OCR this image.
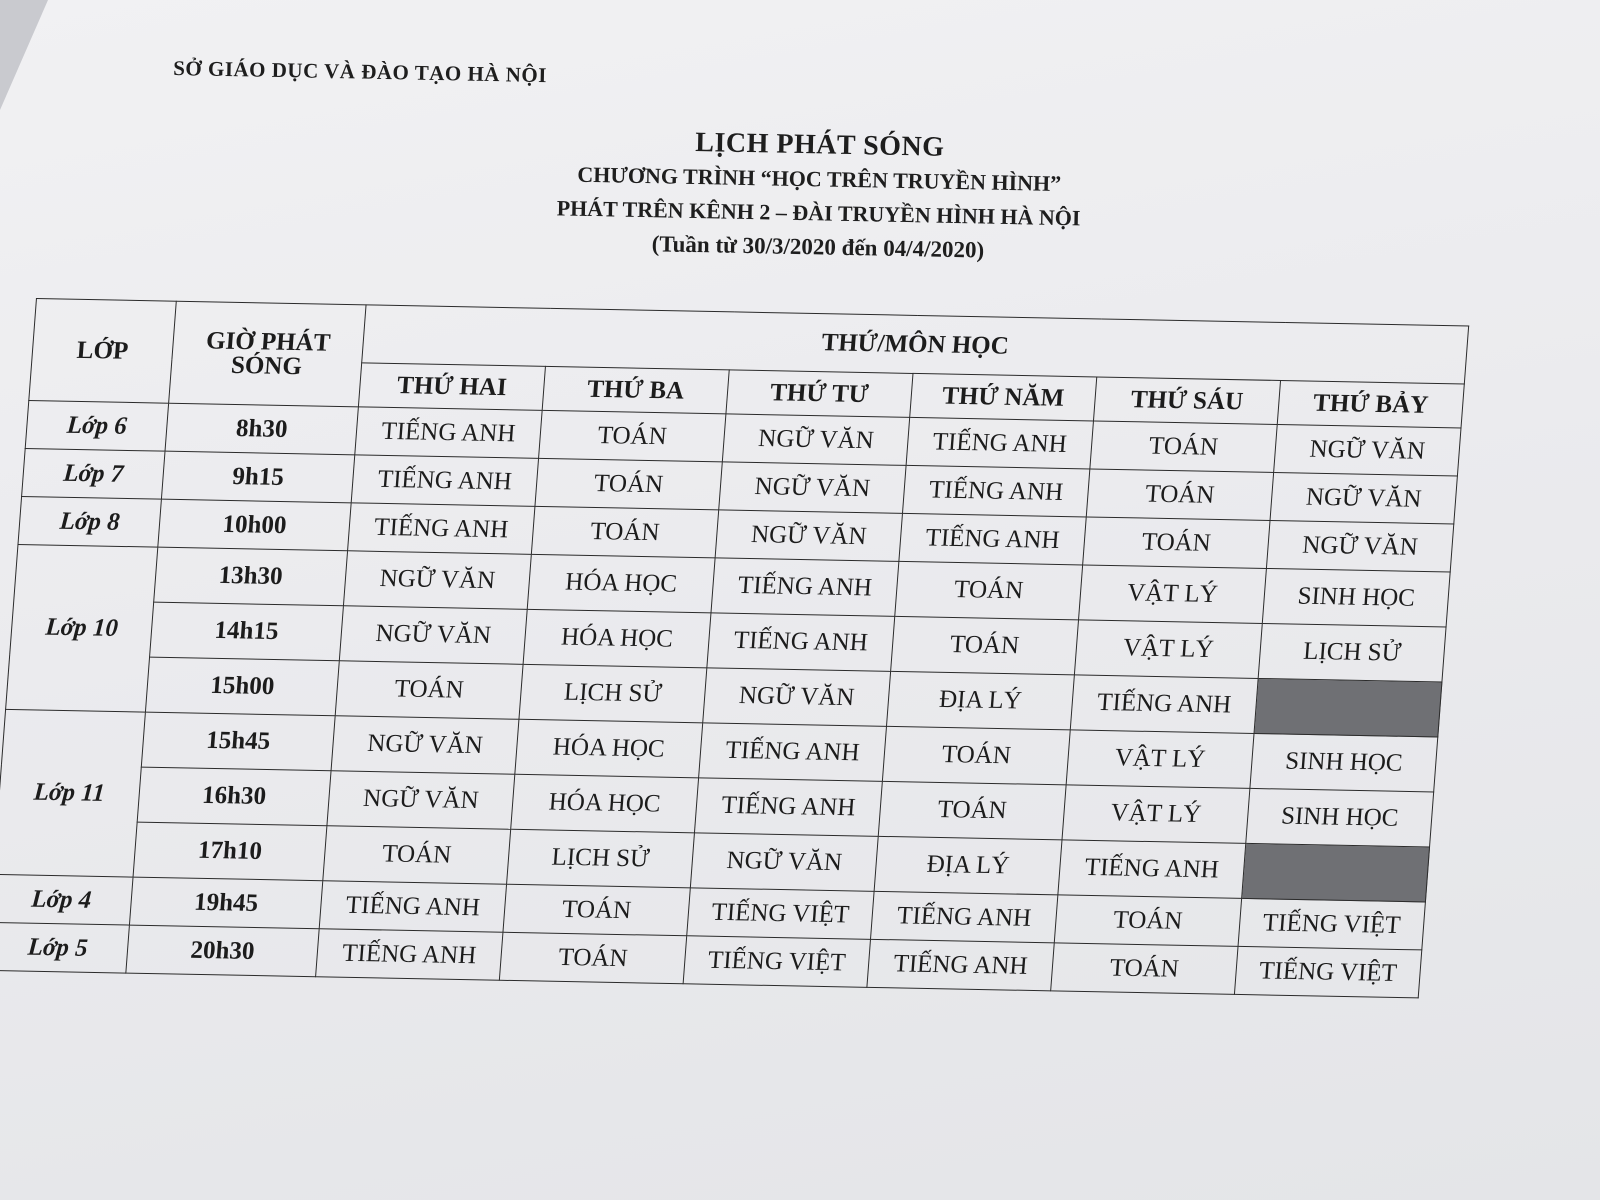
SỞ GIÁO DỤC VÀ ĐÀO TẠO HÀ NỘI
LỊCH PHÁT SÓNG
CHƯƠNG TRÌNH “HỌC TRÊN TRUYỀN HÌNH”
PHÁT TRÊN KÊNH 2 – ĐÀI TRUYỀN HÌNH HÀ NỘI
(Tuần từ 30/3/2020 đến 04/4/2020)
LỚP	GIỜ PHÁT SÓNG	THỨ/MÔN HỌC					
		THỨ HAI	THỨ BA	THỨ TƯ	THỨ NĂM	THỨ SÁU	THỨ BẢY
Lớp 6	8h30	TIẾNG ANH	TOÁN	NGỮ VĂN	TIẾNG ANH	TOÁN	NGỮ VĂN
Lớp 7	9h15	TIẾNG ANH	TOÁN	NGỮ VĂN	TIẾNG ANH	TOÁN	NGỮ VĂN
Lớp 8	10h00	TIẾNG ANH	TOÁN	NGỮ VĂN	TIẾNG ANH	TOÁN	NGỮ VĂN
Lớp 10	13h30	NGỮ VĂN	HÓA HỌC	TIẾNG ANH	TOÁN	VẬT LÝ	SINH HỌC
	14h15	NGỮ VĂN	HÓA HỌC	TIẾNG ANH	TOÁN	VẬT LÝ	LỊCH SỬ
	15h00	TOÁN	LỊCH SỬ	NGỮ VĂN	ĐỊA LÝ	TIẾNG ANH	
Lớp 11	15h45	NGỮ VĂN	HÓA HỌC	TIẾNG ANH	TOÁN	VẬT LÝ	SINH HỌC
	16h30	NGỮ VĂN	HÓA HỌC	TIẾNG ANH	TOÁN	VẬT LÝ	SINH HỌC
	17h10	TOÁN	LỊCH SỬ	NGỮ VĂN	ĐỊA LÝ	TIẾNG ANH	
Lớp 4	19h45	TIẾNG ANH	TOÁN	TIẾNG VIỆT	TIẾNG ANH	TOÁN	TIẾNG VIỆT
Lớp 5	20h30	TIẾNG ANH	TOÁN	TIẾNG VIỆT	TIẾNG ANH	TOÁN	TIẾNG VIỆT
